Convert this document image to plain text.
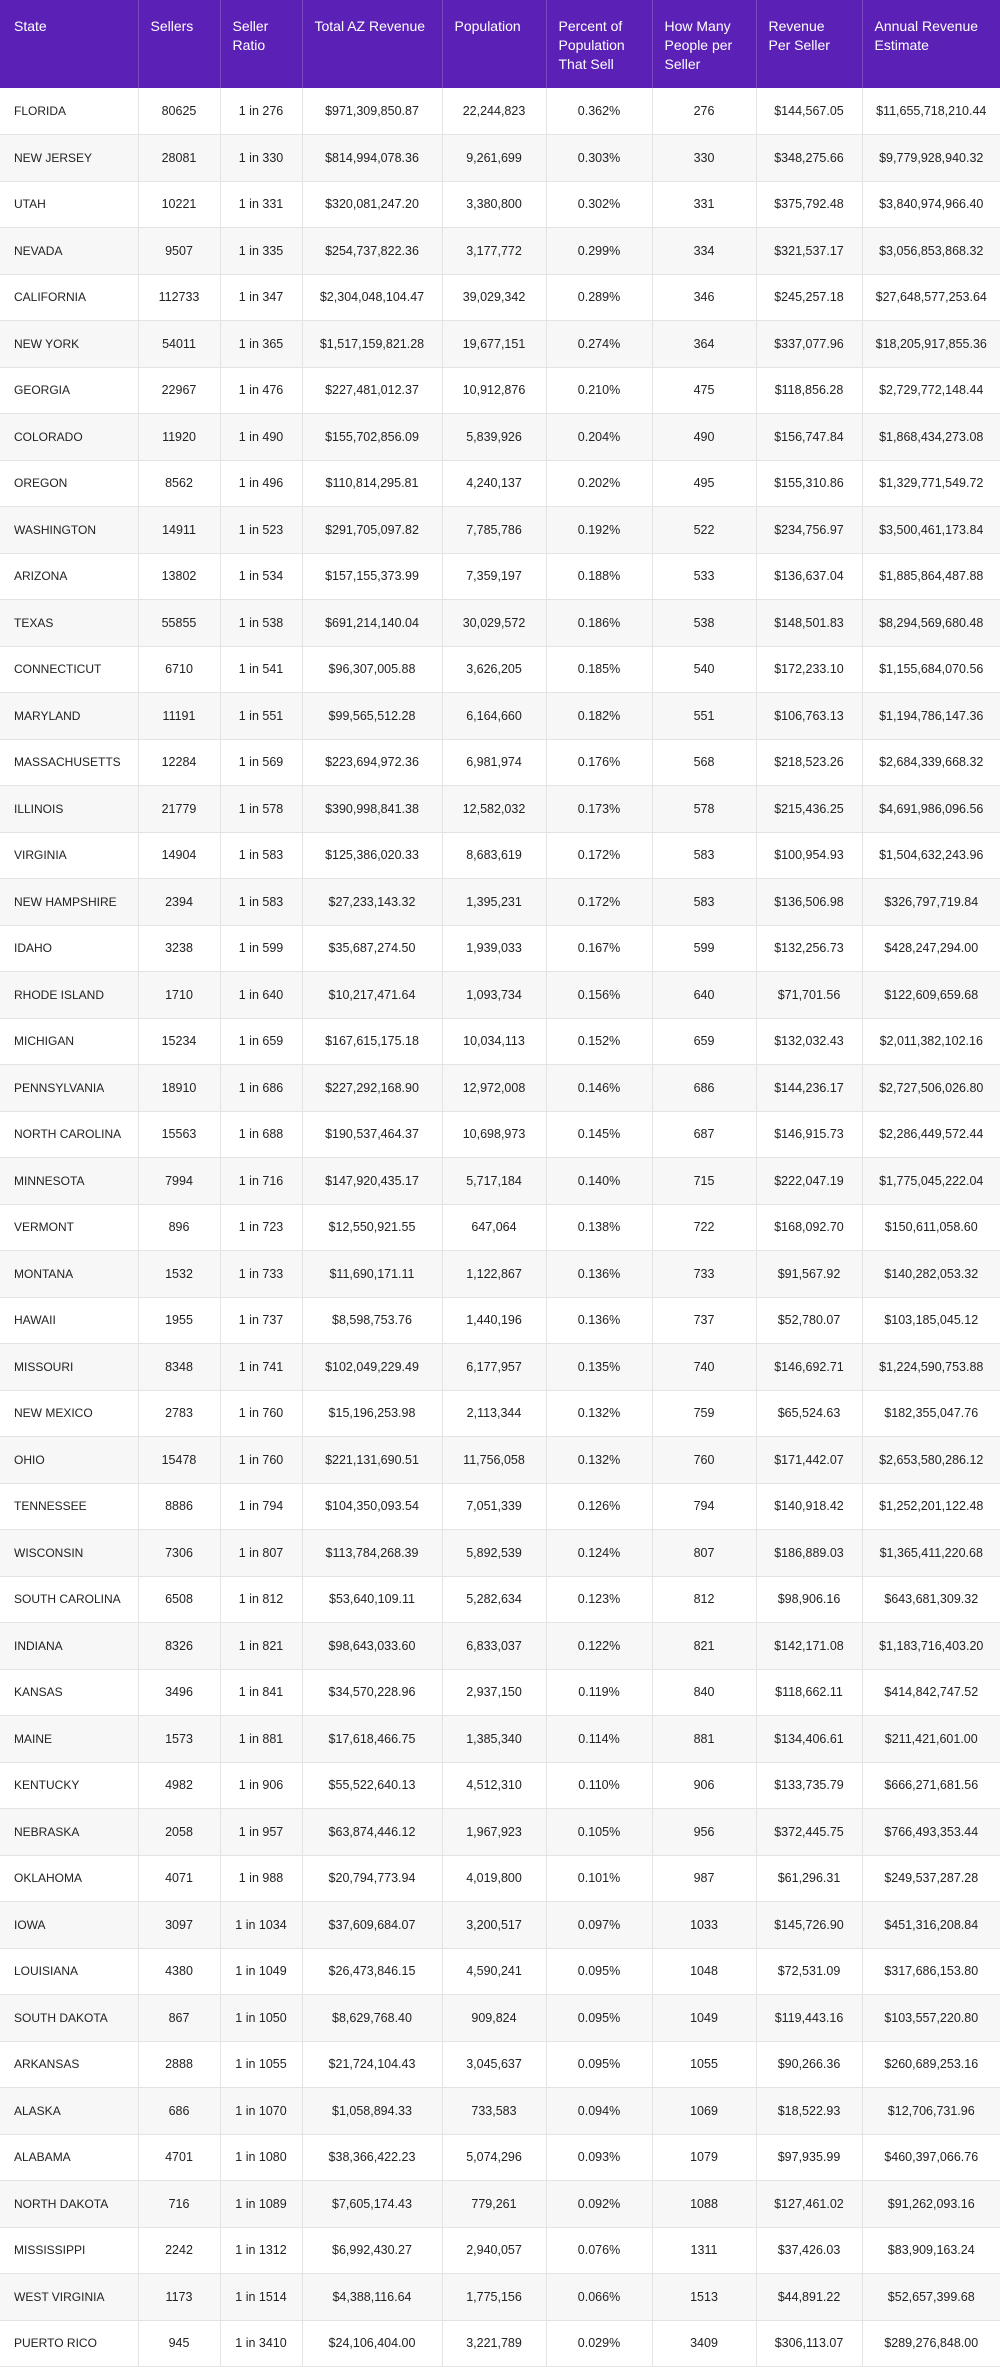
State	Sellers	Seller Ratio	Total AZ Revenue	Population	Percent of Population That Sell	How Many People per Seller	Revenue Per Seller	Annual Revenue Estimate
FLORIDA	80625	1 in 276	$971,309,850.87	22,244,823	0.362%	276	$144,567.05	$11,655,718,210.44
NEW JERSEY	28081	1 in 330	$814,994,078.36	9,261,699	0.303%	330	$348,275.66	$9,779,928,940.32
UTAH	10221	1 in 331	$320,081,247.20	3,380,800	0.302%	331	$375,792.48	$3,840,974,966.40
NEVADA	9507	1 in 335	$254,737,822.36	3,177,772	0.299%	334	$321,537.17	$3,056,853,868.32
CALIFORNIA	112733	1 in 347	$2,304,048,104.47	39,029,342	0.289%	346	$245,257.18	$27,648,577,253.64
NEW YORK	54011	1 in 365	$1,517,159,821.28	19,677,151	0.274%	364	$337,077.96	$18,205,917,855.36
GEORGIA	22967	1 in 476	$227,481,012.37	10,912,876	0.210%	475	$118,856.28	$2,729,772,148.44
COLORADO	11920	1 in 490	$155,702,856.09	5,839,926	0.204%	490	$156,747.84	$1,868,434,273.08
OREGON	8562	1 in 496	$110,814,295.81	4,240,137	0.202%	495	$155,310.86	$1,329,771,549.72
WASHINGTON	14911	1 in 523	$291,705,097.82	7,785,786	0.192%	522	$234,756.97	$3,500,461,173.84
ARIZONA	13802	1 in 534	$157,155,373.99	7,359,197	0.188%	533	$136,637.04	$1,885,864,487.88
TEXAS	55855	1 in 538	$691,214,140.04	30,029,572	0.186%	538	$148,501.83	$8,294,569,680.48
CONNECTICUT	6710	1 in 541	$96,307,005.88	3,626,205	0.185%	540	$172,233.10	$1,155,684,070.56
MARYLAND	11191	1 in 551	$99,565,512.28	6,164,660	0.182%	551	$106,763.13	$1,194,786,147.36
MASSACHUSETTS	12284	1 in 569	$223,694,972.36	6,981,974	0.176%	568	$218,523.26	$2,684,339,668.32
ILLINOIS	21779	1 in 578	$390,998,841.38	12,582,032	0.173%	578	$215,436.25	$4,691,986,096.56
VIRGINIA	14904	1 in 583	$125,386,020.33	8,683,619	0.172%	583	$100,954.93	$1,504,632,243.96
NEW HAMPSHIRE	2394	1 in 583	$27,233,143.32	1,395,231	0.172%	583	$136,506.98	$326,797,719.84
IDAHO	3238	1 in 599	$35,687,274.50	1,939,033	0.167%	599	$132,256.73	$428,247,294.00
RHODE ISLAND	1710	1 in 640	$10,217,471.64	1,093,734	0.156%	640	$71,701.56	$122,609,659.68
MICHIGAN	15234	1 in 659	$167,615,175.18	10,034,113	0.152%	659	$132,032.43	$2,011,382,102.16
PENNSYLVANIA	18910	1 in 686	$227,292,168.90	12,972,008	0.146%	686	$144,236.17	$2,727,506,026.80
NORTH CAROLINA	15563	1 in 688	$190,537,464.37	10,698,973	0.145%	687	$146,915.73	$2,286,449,572.44
MINNESOTA	7994	1 in 716	$147,920,435.17	5,717,184	0.140%	715	$222,047.19	$1,775,045,222.04
VERMONT	896	1 in 723	$12,550,921.55	647,064	0.138%	722	$168,092.70	$150,611,058.60
MONTANA	1532	1 in 733	$11,690,171.11	1,122,867	0.136%	733	$91,567.92	$140,282,053.32
HAWAII	1955	1 in 737	$8,598,753.76	1,440,196	0.136%	737	$52,780.07	$103,185,045.12
MISSOURI	8348	1 in 741	$102,049,229.49	6,177,957	0.135%	740	$146,692.71	$1,224,590,753.88
NEW MEXICO	2783	1 in 760	$15,196,253.98	2,113,344	0.132%	759	$65,524.63	$182,355,047.76
OHIO	15478	1 in 760	$221,131,690.51	11,756,058	0.132%	760	$171,442.07	$2,653,580,286.12
TENNESSEE	8886	1 in 794	$104,350,093.54	7,051,339	0.126%	794	$140,918.42	$1,252,201,122.48
WISCONSIN	7306	1 in 807	$113,784,268.39	5,892,539	0.124%	807	$186,889.03	$1,365,411,220.68
SOUTH CAROLINA	6508	1 in 812	$53,640,109.11	5,282,634	0.123%	812	$98,906.16	$643,681,309.32
INDIANA	8326	1 in 821	$98,643,033.60	6,833,037	0.122%	821	$142,171.08	$1,183,716,403.20
KANSAS	3496	1 in 841	$34,570,228.96	2,937,150	0.119%	840	$118,662.11	$414,842,747.52
MAINE	1573	1 in 881	$17,618,466.75	1,385,340	0.114%	881	$134,406.61	$211,421,601.00
KENTUCKY	4982	1 in 906	$55,522,640.13	4,512,310	0.110%	906	$133,735.79	$666,271,681.56
NEBRASKA	2058	1 in 957	$63,874,446.12	1,967,923	0.105%	956	$372,445.75	$766,493,353.44
OKLAHOMA	4071	1 in 988	$20,794,773.94	4,019,800	0.101%	987	$61,296.31	$249,537,287.28
IOWA	3097	1 in 1034	$37,609,684.07	3,200,517	0.097%	1033	$145,726.90	$451,316,208.84
LOUISIANA	4380	1 in 1049	$26,473,846.15	4,590,241	0.095%	1048	$72,531.09	$317,686,153.80
SOUTH DAKOTA	867	1 in 1050	$8,629,768.40	909,824	0.095%	1049	$119,443.16	$103,557,220.80
ARKANSAS	2888	1 in 1055	$21,724,104.43	3,045,637	0.095%	1055	$90,266.36	$260,689,253.16
ALASKA	686	1 in 1070	$1,058,894.33	733,583	0.094%	1069	$18,522.93	$12,706,731.96
ALABAMA	4701	1 in 1080	$38,366,422.23	5,074,296	0.093%	1079	$97,935.99	$460,397,066.76
NORTH DAKOTA	716	1 in 1089	$7,605,174.43	779,261	0.092%	1088	$127,461.02	$91,262,093.16
MISSISSIPPI	2242	1 in 1312	$6,992,430.27	2,940,057	0.076%	1311	$37,426.03	$83,909,163.24
WEST VIRGINIA	1173	1 in 1514	$4,388,116.64	1,775,156	0.066%	1513	$44,891.22	$52,657,399.68
PUERTO RICO	945	1 in 3410	$24,106,404.00	3,221,789	0.029%	3409	$306,113.07	$289,276,848.00
